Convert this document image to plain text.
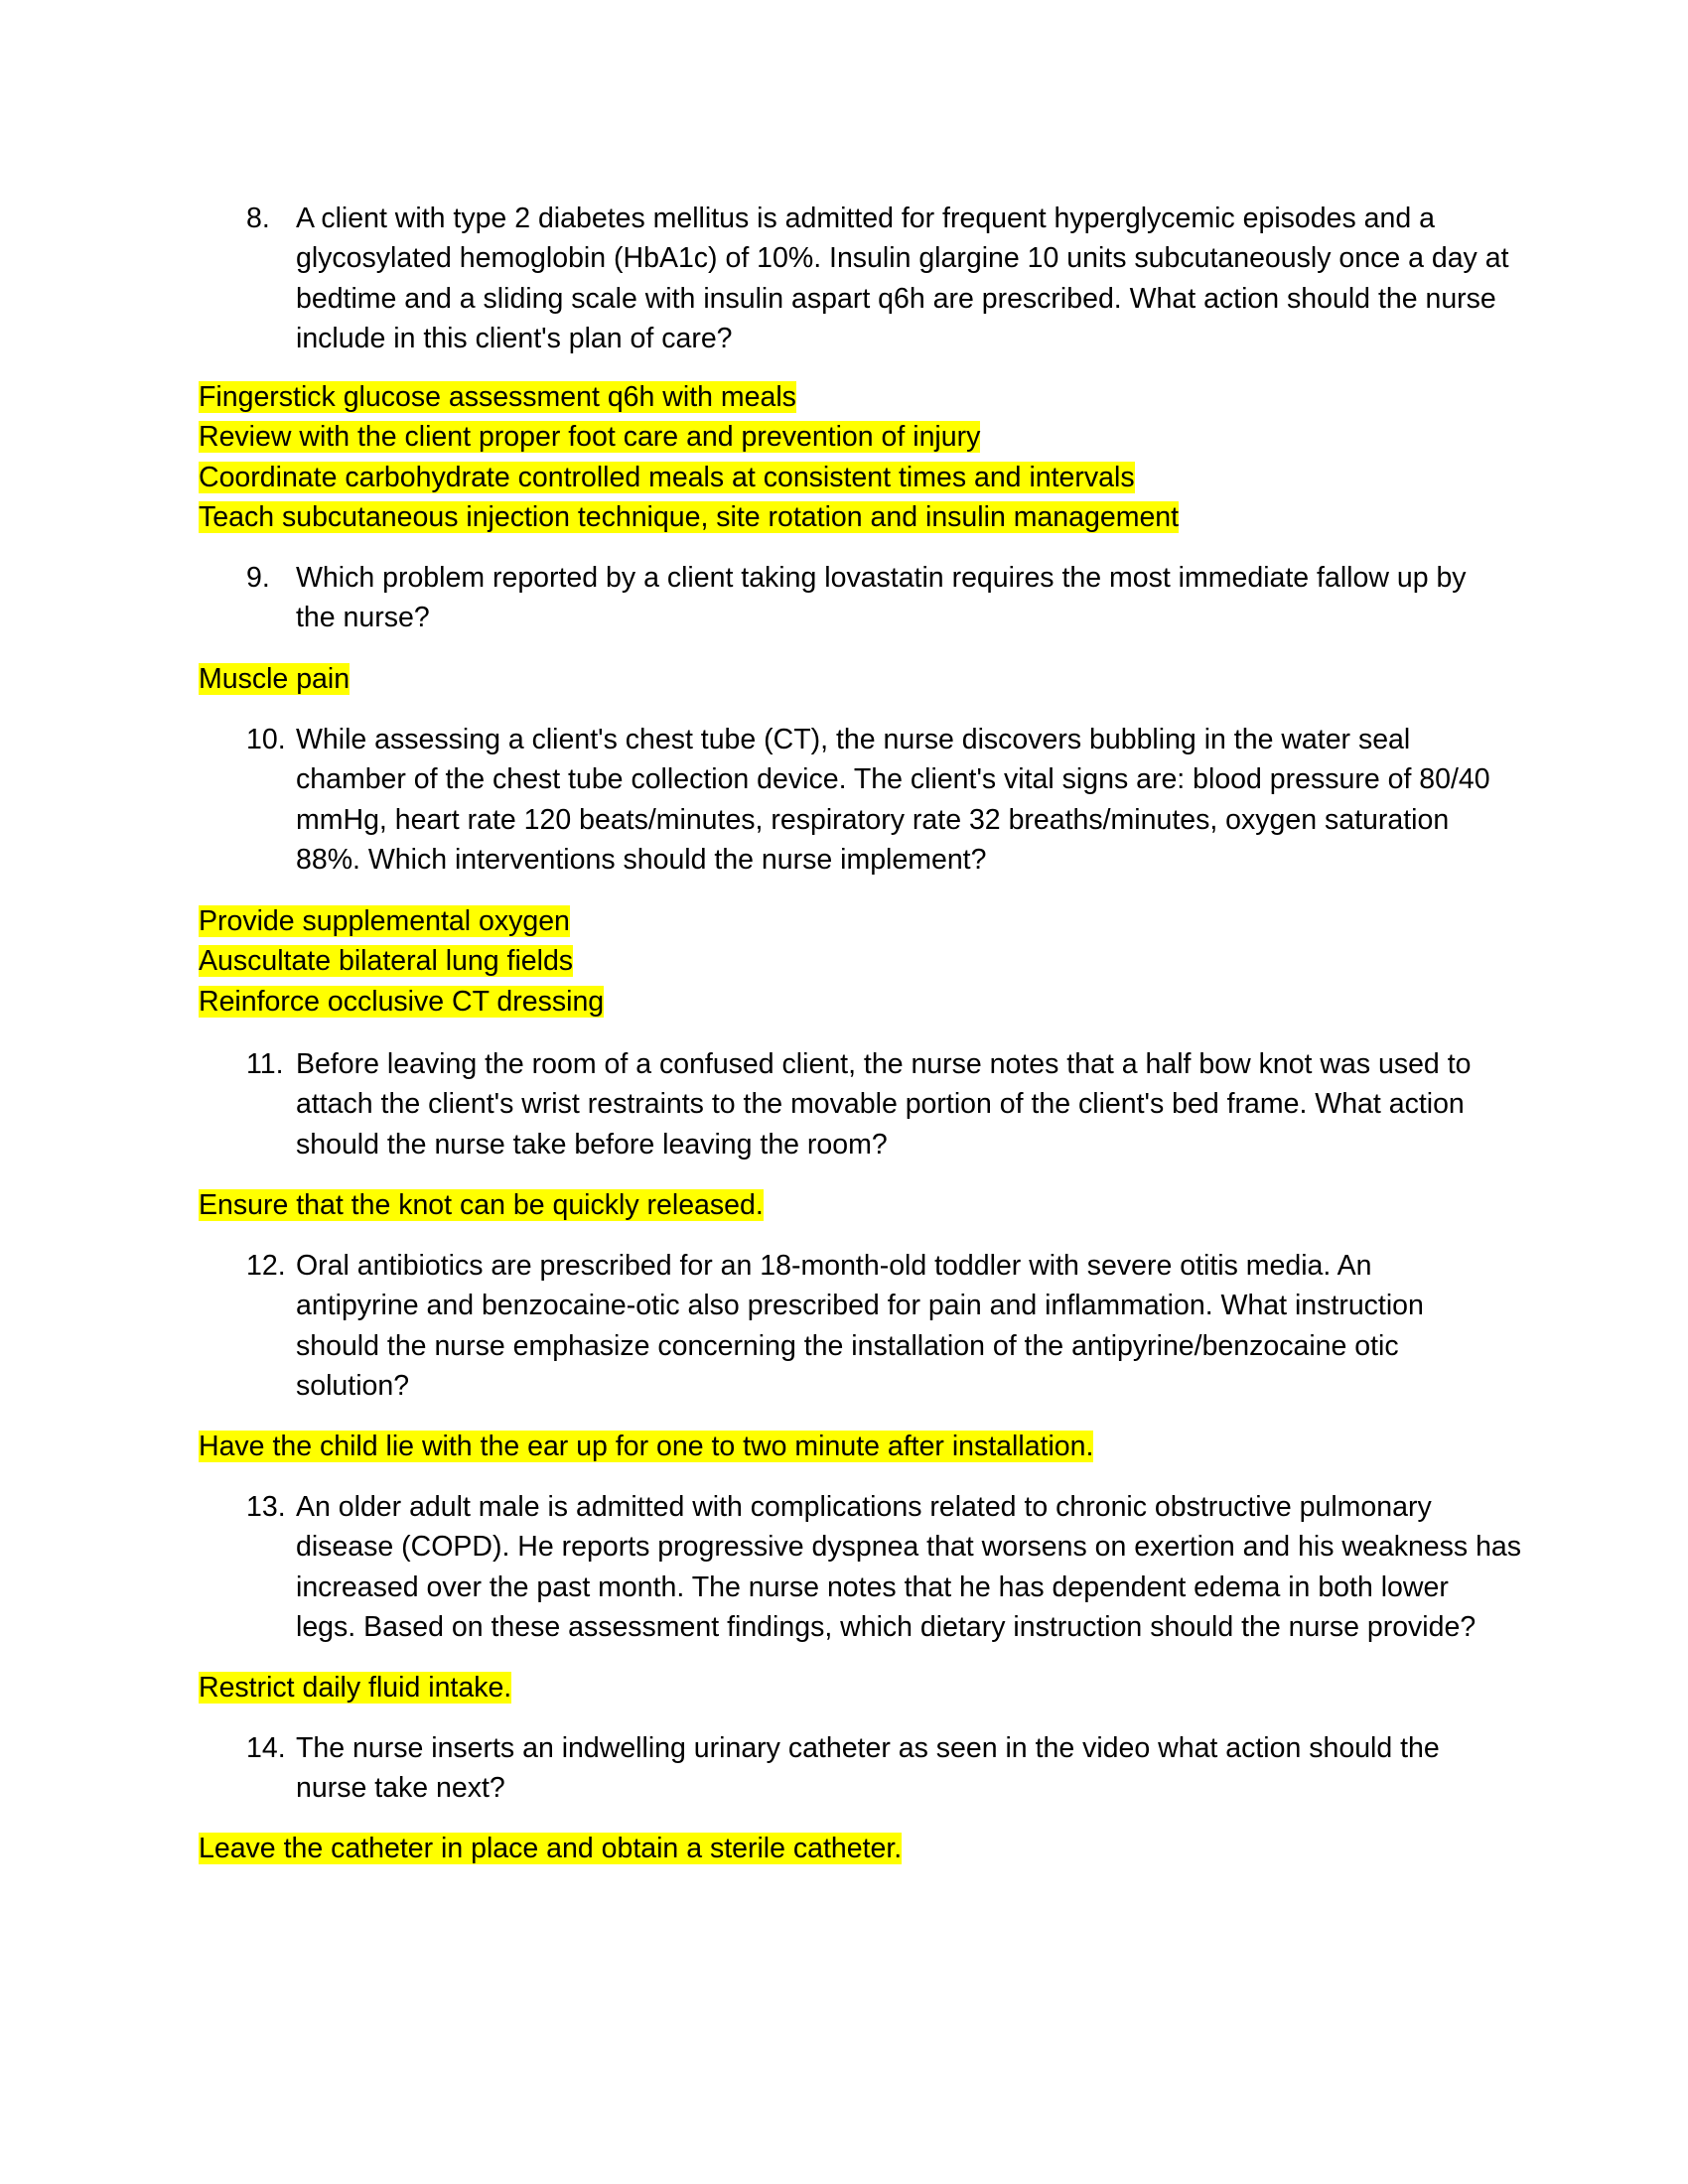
8. A client with type 2 diabetes mellitus is admitted for frequent hyperglycemic episodes and a
glycosylated hemoglobin (HbA1c) of 10%. Insulin glargine 10 units subcutaneously once a day at
bedtime and a sliding scale with insulin aspart q6h are prescribed. What action should the nurse
include in this client's plan of care?
Fingerstick glucose assessment q6h with meals
Review with the client proper foot care and prevention of injury
Coordinate carbohydrate controlled meals at consistent times and intervals
Teach subcutaneous injection technique, site rotation and insulin management
9. Which problem reported by a client taking lovastatin requires the most immediate fallow up by
the nurse?
Muscle pain
10. While assessing a client's chest tube (CT), the nurse discovers bubbling in the water seal
chamber of the chest tube collection device. The client's vital signs are: blood pressure of 80/40
mmHg, heart rate 120 beats/minutes, respiratory rate 32 breaths/minutes, oxygen saturation
88%. Which interventions should the nurse implement?
Provide supplemental oxygen
Auscultate bilateral lung fields
Reinforce occlusive CT dressing
11. Before leaving the room of a confused client, the nurse notes that a half bow knot was used to
attach the client's wrist restraints to the movable portion of the client's bed frame. What action
should the nurse take before leaving the room?
Ensure that the knot can be quickly released.
12. Oral antibiotics are prescribed for an 18-month-old toddler with severe otitis media. An
antipyrine and benzocaine-otic also prescribed for pain and inflammation. What instruction
should the nurse emphasize concerning the installation of the antipyrine/benzocaine otic
solution?
Have the child lie with the ear up for one to two minute after installation.
13. An older adult male is admitted with complications related to chronic obstructive pulmonary
disease (COPD). He reports progressive dyspnea that worsens on exertion and his weakness has
increased over the past month. The nurse notes that he has dependent edema in both lower
legs. Based on these assessment findings, which dietary instruction should the nurse provide?
Restrict daily fluid intake.
14. The nurse inserts an indwelling urinary catheter as seen in the video what action should the
nurse take next?
Leave the catheter in place and obtain a sterile catheter.
